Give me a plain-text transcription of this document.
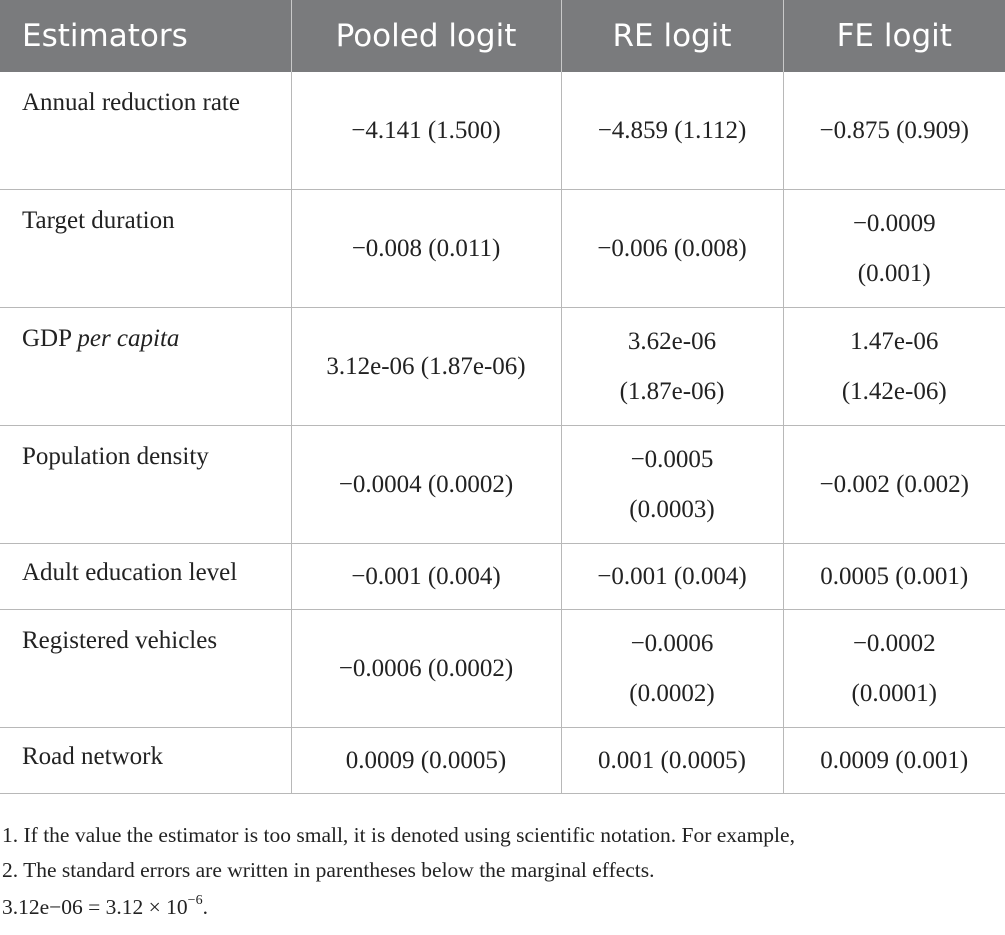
Estimators	Pooled logit	RE logit	FE logit
Annual reduction rate	−4.141 (1.500)	−4.859 (1.112)	−0.875 (0.909)
Target duration	−0.008 (0.011)	−0.006 (0.008)	−0.0009 (0.001)
GDP per capita	3.12e-06 (1.87e-06)	3.62e-06 (1.87e-06)	1.47e-06 (1.42e-06)
Population density	−0.0004 (0.0002)	−0.0005 (0.0003)	−0.002 (0.002)
Adult education level	−0.001 (0.004)	−0.001 (0.004)	0.0005 (0.001)
Registered vehicles	−0.0006 (0.0002)	−0.0006 (0.0002)	−0.0002 (0.0001)
Road network	0.0009 (0.0005)	0.001 (0.0005)	0.0009 (0.001)

1. If the value the estimator is too small, it is denoted using scientific notation. For example,

2. The standard errors are written in parentheses below the marginal effects.

$3.12e-06 = 3.12 \times 10^{-6}$.
